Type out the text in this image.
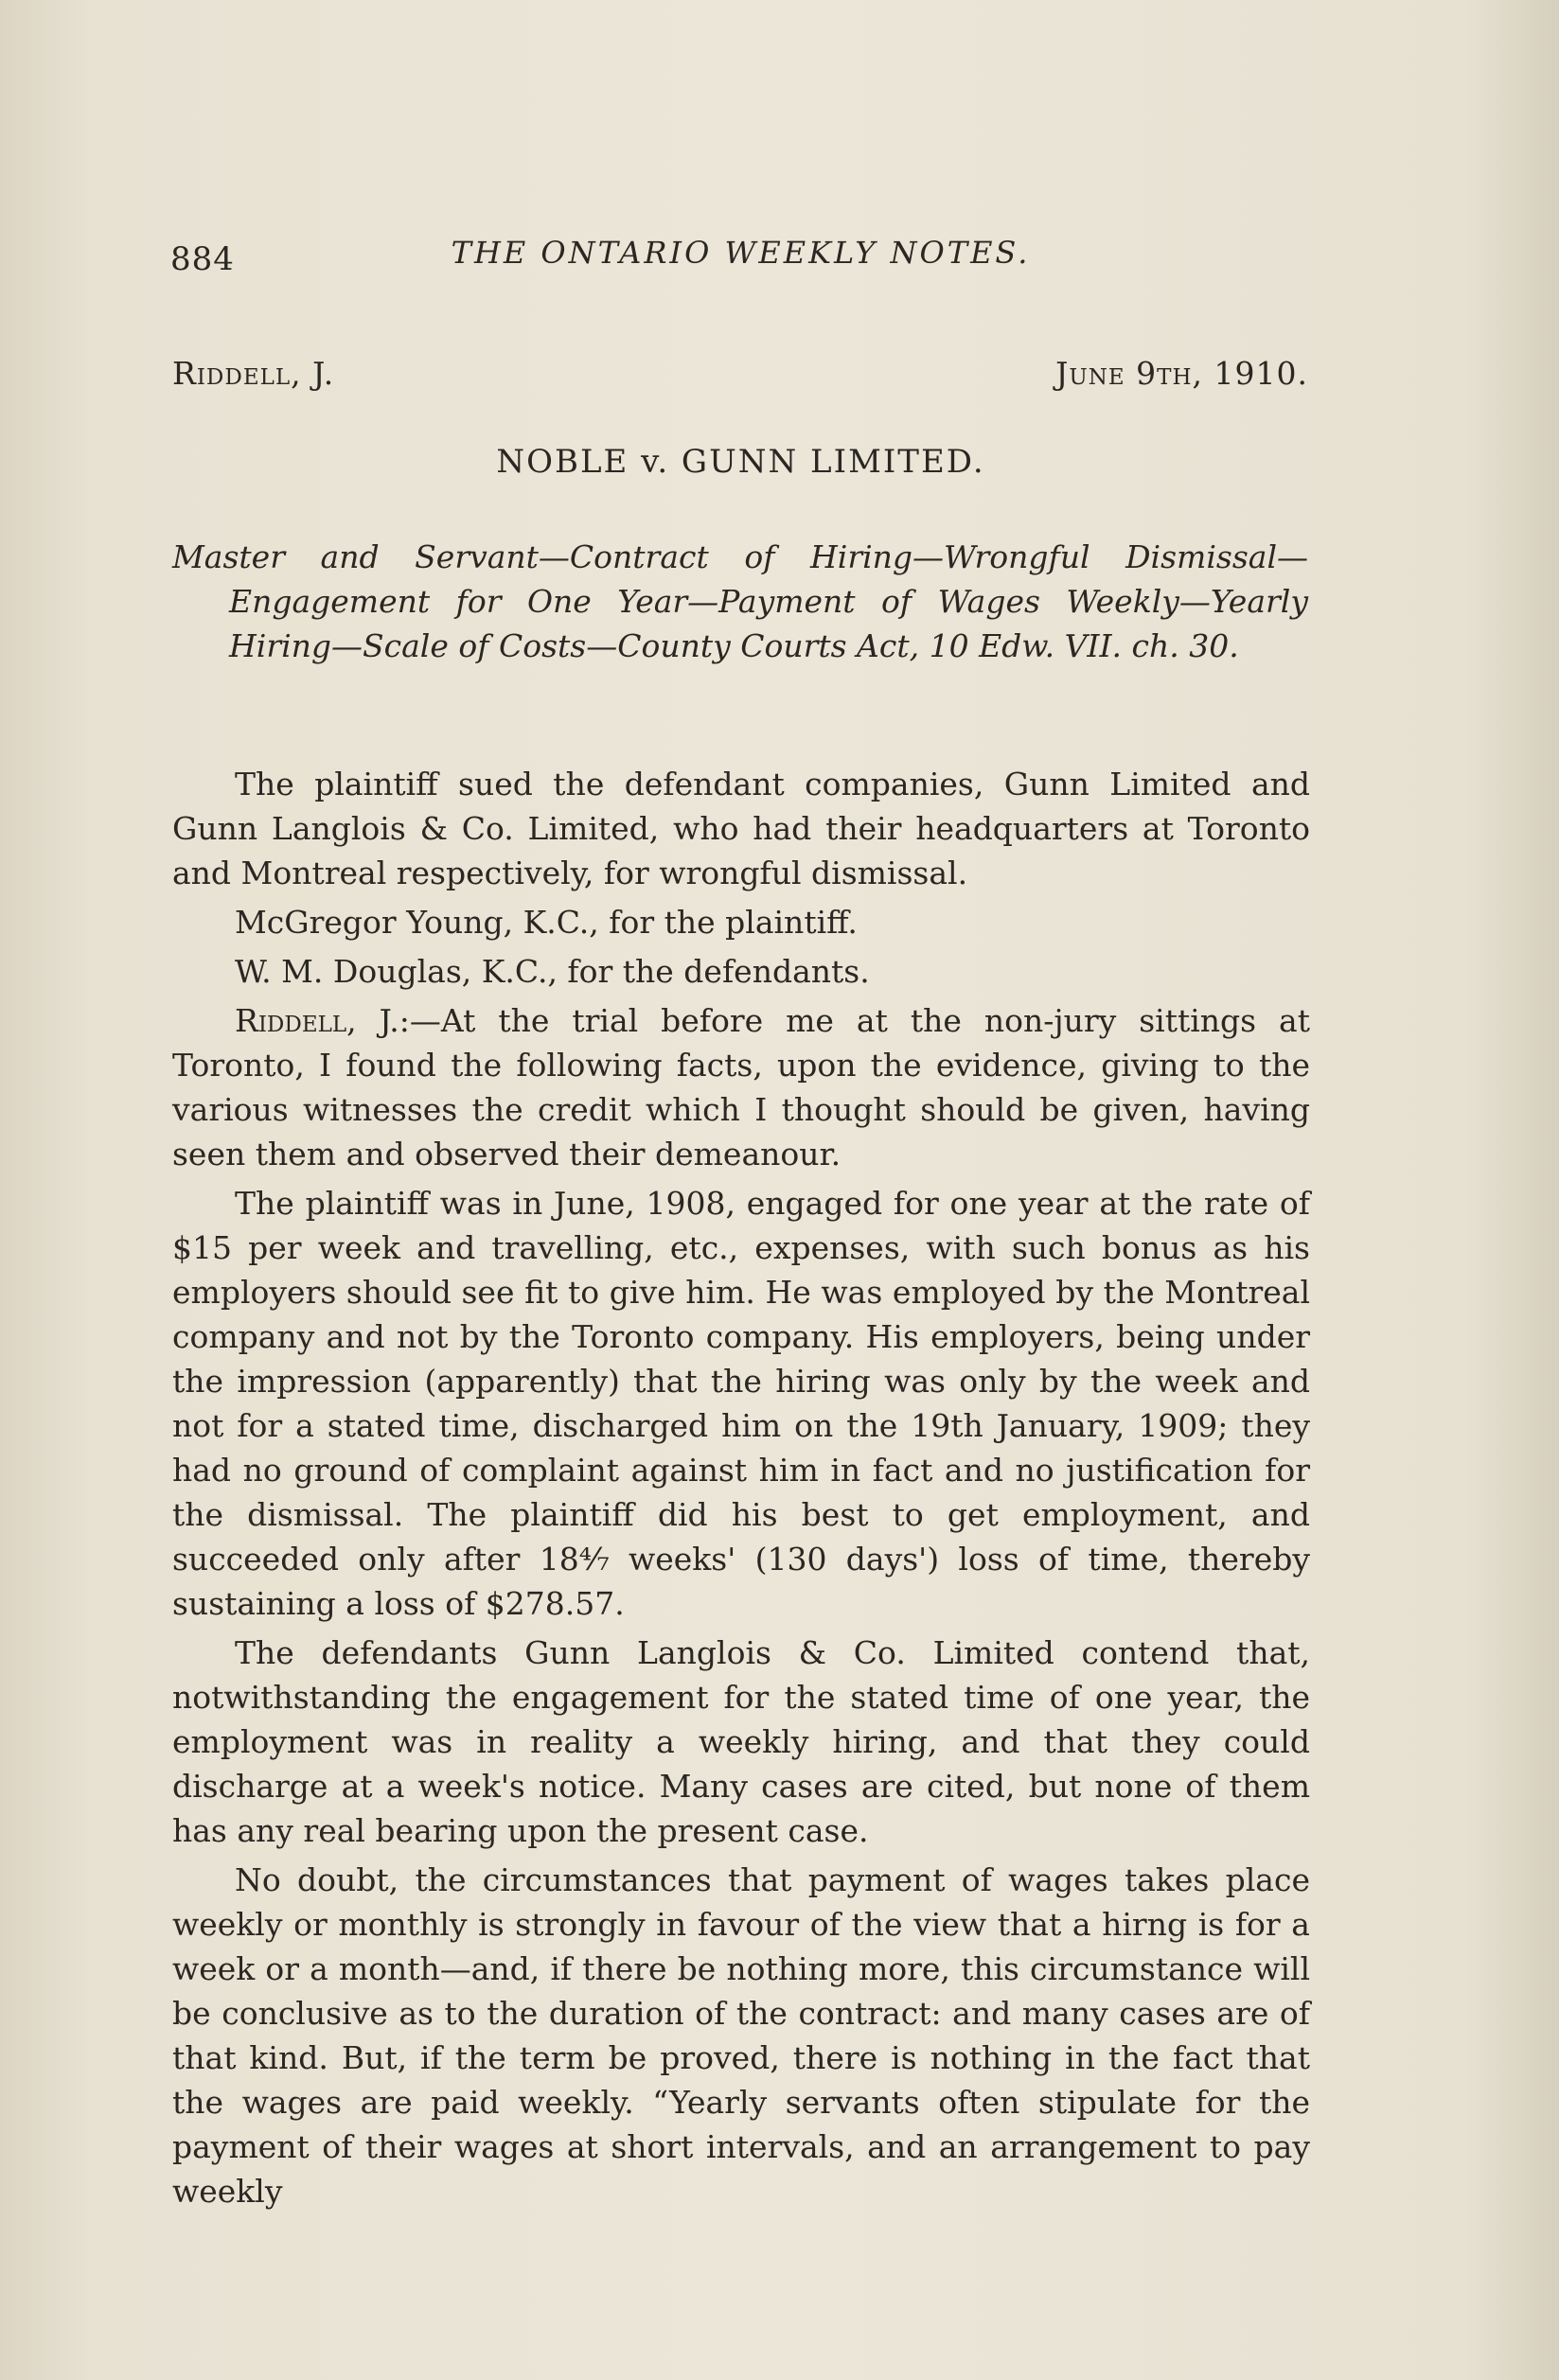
884	THE ONTARIO WEEKLY NOTES.
Riddell, J.	June 9th, 1910.
NOBLE v. GUNN LIMITED.
Master and Servant—Contract of Hiring—Wrongful Dismissal—Engagement for One Year—Payment of Wages Weekly—Yearly Hiring—Scale of Costs—County Courts Act, 10 Edw. VII. ch. 30.

The plaintiff sued the defendant companies, Gunn Limited and Gunn Langlois & Co. Limited, who had their headquarters at Toronto and Montreal respectively, for wrongful dismissal.

McGregor Young, K.C., for the plaintiff.

W. M. Douglas, K.C., for the defendants.

Riddell, J.:—At the trial before me at the non-jury sittings at Toronto, I found the following facts, upon the evidence, giving to the various witnesses the credit which I thought should be given, having seen them and observed their demeanour.

The plaintiff was in June, 1908, engaged for one year at the rate of $15 per week and travelling, etc., expenses, with such bonus as his employers should see fit to give him. He was employed by the Montreal company and not by the Toronto company. His employers, being under the impression (apparently) that the hiring was only by the week and not for a stated time, discharged him on the 19th January, 1909; they had no ground of complaint against him in fact and no justification for the dismissal. The plaintiff did his best to get employment, and succeeded only after 18⁴⁄₇ weeks' (130 days') loss of time, thereby sustaining a loss of $278.57.

The defendants Gunn Langlois & Co. Limited contend that, notwithstanding the engagement for the stated time of one year, the employment was in reality a weekly hiring, and that they could discharge at a week's notice. Many cases are cited, but none of them has any real bearing upon the present case.

No doubt, the circumstances that payment of wages takes place weekly or monthly is strongly in favour of the view that a hirng is for a week or a month—and, if there be nothing more, this circumstance will be conclusive as to the duration of the contract: and many cases are of that kind. But, if the term be proved, there is nothing in the fact that the wages are paid weekly. “Yearly servants often stipulate for the payment of their wages at short intervals, and an arrangement to pay weekly
